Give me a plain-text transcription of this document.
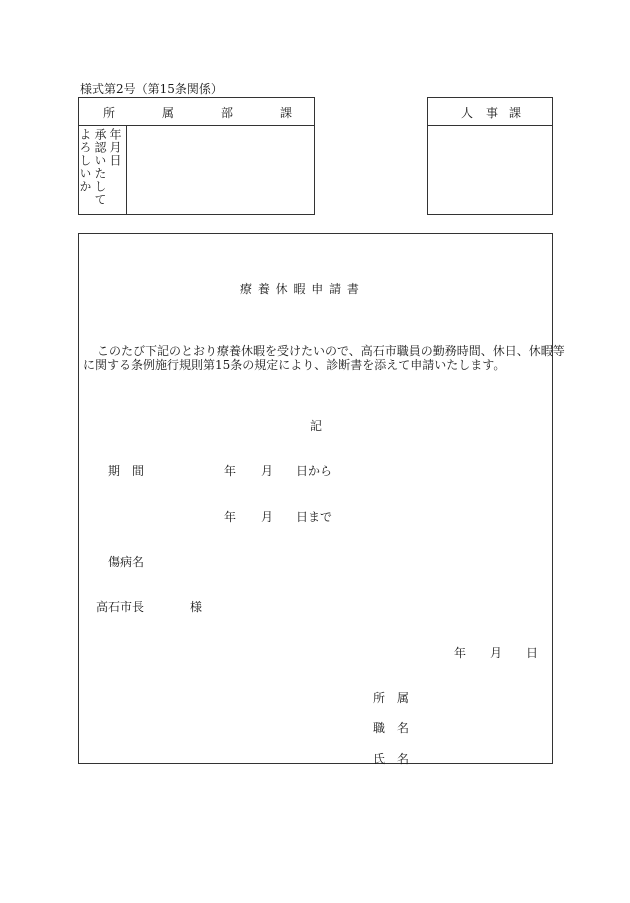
様式第2号（第15条関係）
所	属	部	課
年月日
承認いたして
よろしいか
人 事 課
療 養 休 暇 申 請 書
このたび下記のとおり療養休暇を受けたいので、高石市職員の勤務時間、休日、休暇等
に関する条例施行規則第15条の規定により、診断書を添えて申請いたします。
記
期　間	年 月 日から
年 月 日まで
傷病名
高石市長	様
年 月 日
所　属
職　名
氏　名
